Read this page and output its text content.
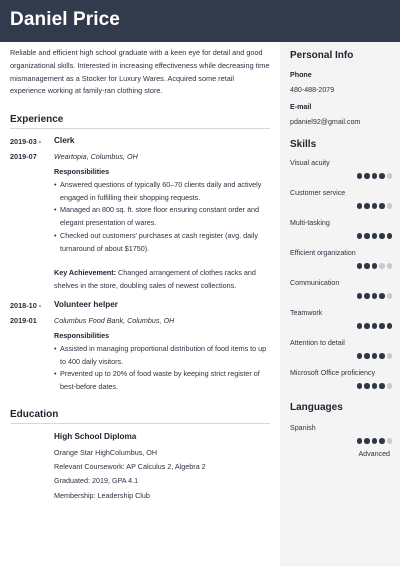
Daniel Price
Reliable and efficient high school graduate with a keen eye for detail and good organizational skills. Interested in increasing effectiveness while decreasing time mismanagement as a Stocker for Luxury Wares. Acquired some retail experience working at family-ran clothing store.
Experience
2019-03 -
2019-07
Clerk
Weartopia, Columbus, OH
Responsibilities
• Answered questions of typically 60–70 clients daily and actively engaged in fulfilling their shopping requests.
• Managed an 800 sq. ft. store floor ensuring constant order and elegant presentation of wares.
• Checked out customers' purchases at cash register (avg. daily turnaround of about $1750).
Key Achievement: Changed arrangement of clothes racks and shelves in the store, doubling sales of newest collections.
2018-10 -
2019-01
Volunteer helper
Columbus Food Bank, Columbus, OH
Responsibilities
• Assisted in managing proportional distribution of food items to up to 400 daily visitors.
• Prevented up to 20% of food waste by keeping strict register of best-before dates.
Education
High School Diploma
Orange Star HighColumbus, OH
Relevant Coursework: AP Calculus 2, Algebra 2
Graduated: 2019, GPA 4.1
Membership: Leadership Club
Personal Info
Phone
480-488-2079
E-mail
pdaniel92@gmail.com
Skills
Visual acuity
Customer service
Multi-tasking
Efficient organization
Communication
Teamwork
Attention to detail
Microsoft Office proficiency
Languages
Spanish
Advanced
